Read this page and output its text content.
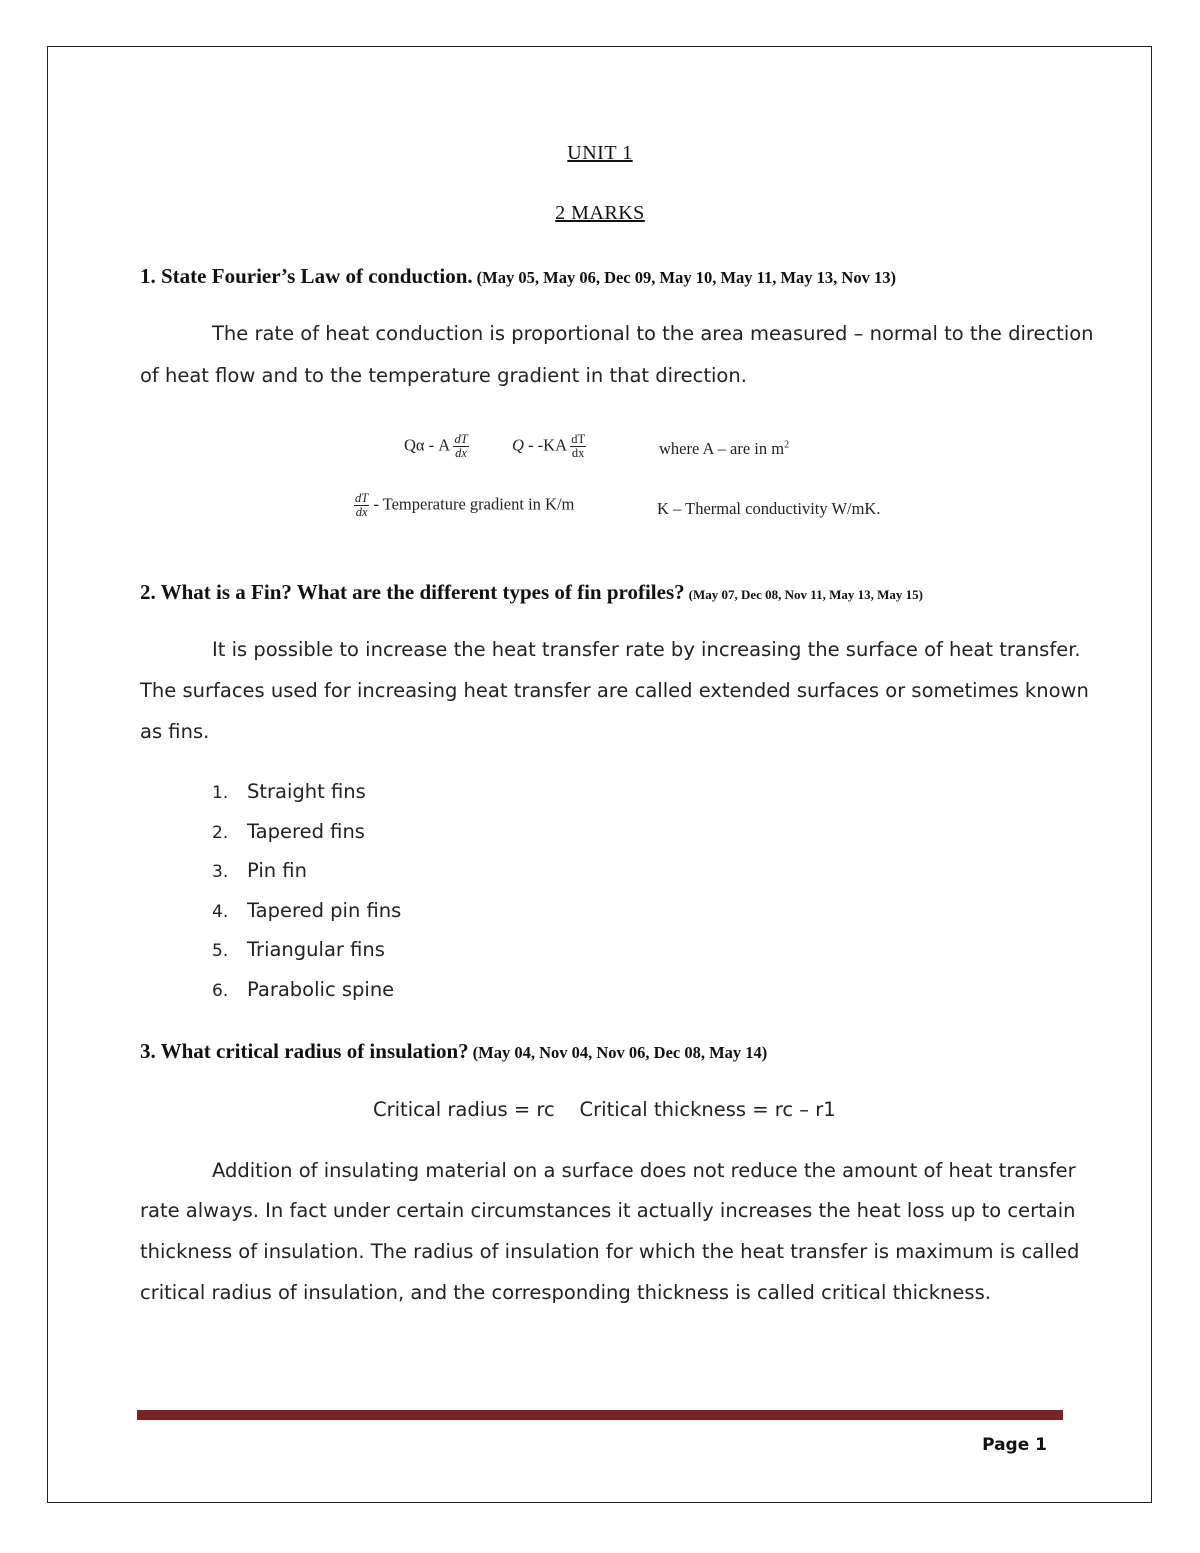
UNIT 1
2 MARKS
1. State Fourier’s Law of conduction. (May 05, May 06, Dec 09, May 10, May 11, May 13, Nov 13)
The rate of heat conduction is proportional to the area measured – normal to the direction
of heat flow and to the temperature gradient in that direction.
Qα - A $\frac{dT}{dx}$	Q - $-KA \frac{dT}{dx}$	where A – are in $m^2$
$\frac{dT}{dx}$ - Temperature gradient in K/m	K – Thermal conductivity W/mK.
2. What is a Fin? What are the different types of fin profiles? (May 07, Dec 08, Nov 11, May 13, May 15)
It is possible to increase the heat transfer rate by increasing the surface of heat transfer.
The surfaces used for increasing heat transfer are called extended surfaces or sometimes known
as fins.
1. Straight fins
2. Tapered fins
3. Pin fin
4. Tapered pin fins
5. Triangular fins
6. Parabolic spine
3. What critical radius of insulation? (May 04, Nov 04, Nov 06, Dec 08, May 14)
Critical radius = rc    Critical thickness = rc – r1
Addition of insulating material on a surface does not reduce the amount of heat transfer
rate always. In fact under certain circumstances it actually increases the heat loss up to certain
thickness of insulation. The radius of insulation for which the heat transfer is maximum is called
critical radius of insulation, and the corresponding thickness is called critical thickness.
Page 1
